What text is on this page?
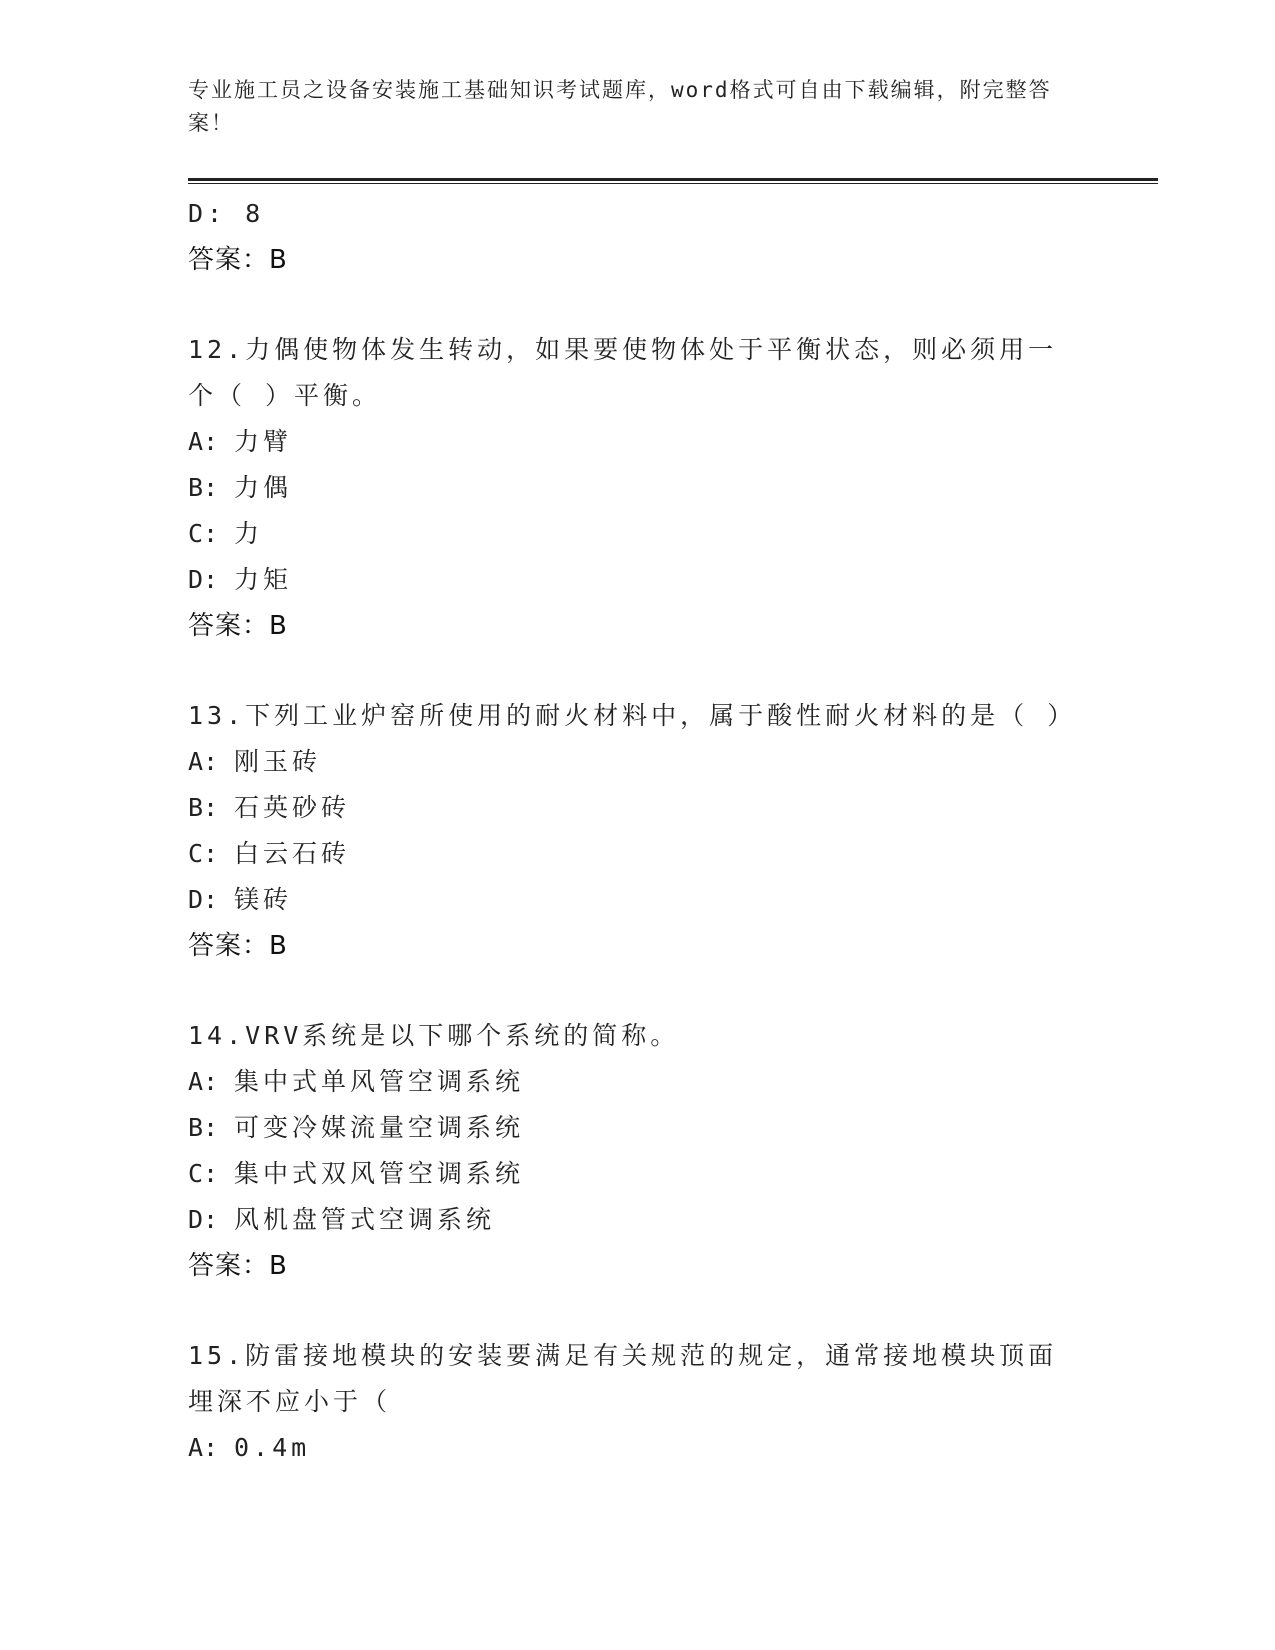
专业施工员之设备安装施工基础知识考试题库，word格式可自由下载编辑，附完整答案！
D: 8
答案：B
12.力偶使物体发生转动，如果要使物体处于平衡状态，则必须用一个（ ）平衡。
A: 力臂
B: 力偶
C: 力
D: 力矩
答案：B
13.下列工业炉窑所使用的耐火材料中，属于酸性耐火材料的是（ ）
A: 刚玉砖
B: 石英砂砖
C: 白云石砖
D: 镁砖
答案：B
14.VRV系统是以下哪个系统的简称。
A: 集中式单风管空调系统
B: 可变冷媒流量空调系统
C: 集中式双风管空调系统
D: 风机盘管式空调系统
答案：B
15.防雷接地模块的安装要满足有关规范的规定，通常接地模块顶面埋深不应小于（
A: 0.4m
